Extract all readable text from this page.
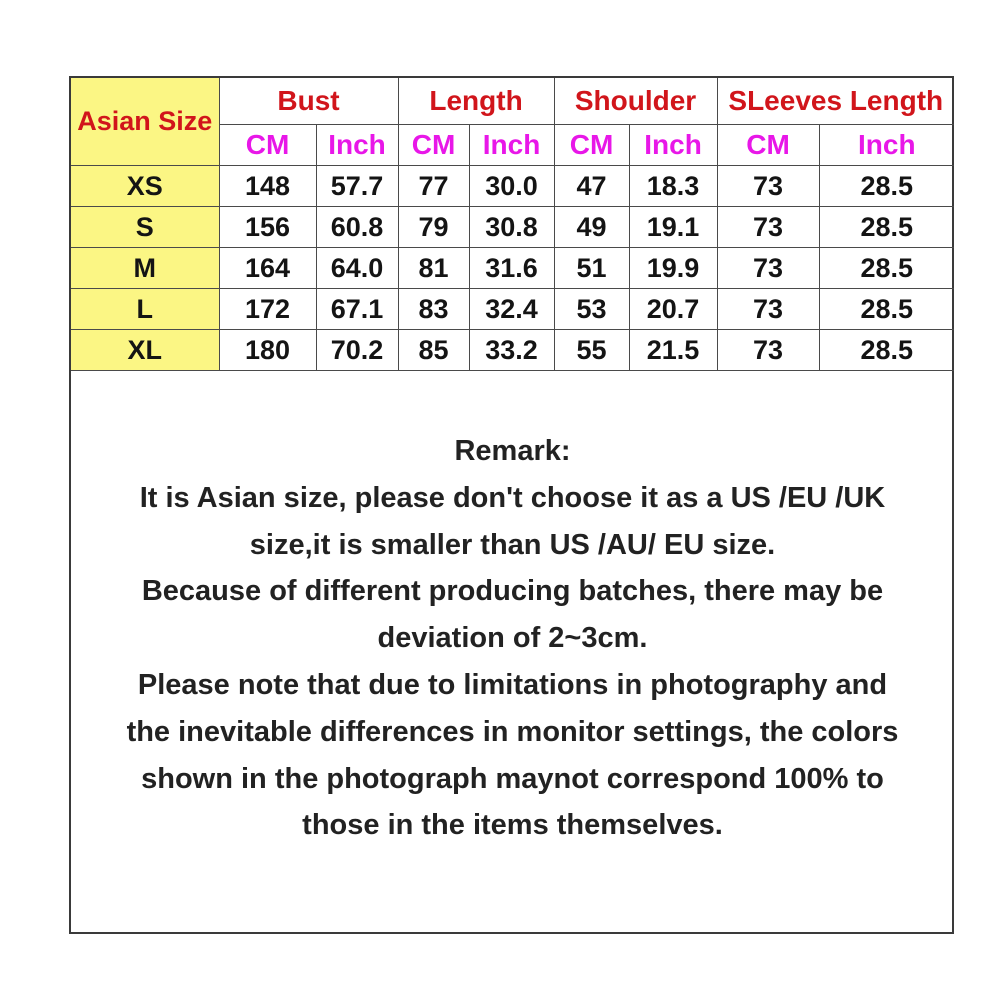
Asian Size	Bust		Length		Shoulder		SLeeves Length	
	CM	Inch	CM	Inch	CM	Inch	CM	Inch
XS	148	57.7	77	30.0	47	18.3	73	28.5
S	156	60.8	79	30.8	49	19.1	73	28.5
M	164	64.0	81	31.6	51	19.9	73	28.5
L	172	67.1	83	32.4	53	20.7	73	28.5
XL	180	70.2	85	33.2	55	21.5	73	28.5

Remark:

It is Asian size, please don't choose it as a US /EU /UK

size,it is smaller than US /AU/ EU size.

Because of different producing batches, there may be

deviation of 2~3cm.

Please note that due to limitations in photography and

the inevitable differences in monitor settings, the colors

shown in the photograph maynot correspond 100% to

those in the items themselves.
